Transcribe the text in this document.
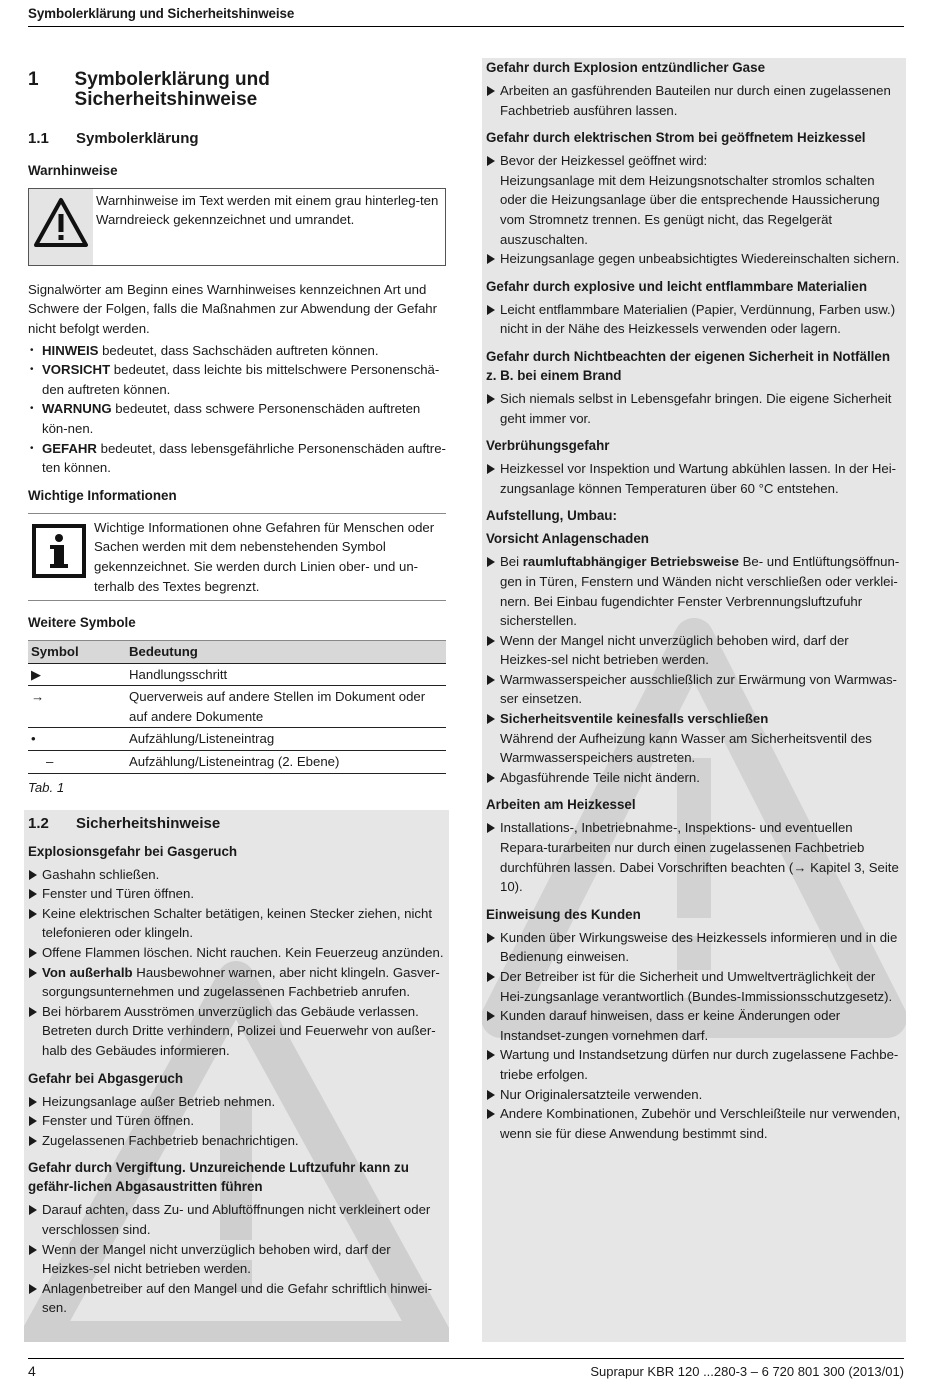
Symbolerklärung und Sicherheitshinweise
1	Symbolerklärung und Sicherheitshinweise
1.1	Symbolerklärung
Warnhinweise
Warnhinweise im Text werden mit einem grau hinterleg-ten Warndreieck gekennzeichnet und umrandet.

Signalwörter am Beginn eines Warnhinweises kennzeichnen Art und Schwere der Folgen, falls die Maßnahmen zur Abwendung der Gefahr nicht befolgt werden.

• HINWEIS bedeutet, dass Sachschäden auftreten können.
• VORSICHT bedeutet, dass leichte bis mittelschwere Personenschä-den auftreten können.
• WARNUNG bedeutet, dass schwere Personenschäden auftreten kön-nen.
• GEFAHR bedeutet, dass lebensgefährliche Personenschäden auftre-ten können.
Wichtige Informationen
Wichtige Informationen ohne Gefahren für Menschen oder Sachen werden mit dem nebenstehenden Symbol gekennzeichnet. Sie werden durch Linien ober- und un-terhalb des Textes begrenzt.
Weitere Symbole
Symbol	Bedeutung
▶	Handlungsschritt
→	Querverweis auf andere Stellen im Dokument oder auf andere Dokumente
•	Aufzählung/Listeneintrag
–	Aufzählung/Listeneintrag (2. Ebene)
Tab. 1
1.2	Sicherheitshinweise
Explosionsgefahr bei Gasgeruch
Gashahn schließen.
Fenster und Türen öffnen.
Keine elektrischen Schalter betätigen, keinen Stecker ziehen, nicht telefonieren oder klingeln.
Offene Flammen löschen. Nicht rauchen. Kein Feuerzeug anzünden.
Von außerhalb Hausbewohner warnen, aber nicht klingeln. Gasver-sorgungsunternehmen und zugelassenen Fachbetrieb anrufen.
Bei hörbarem Ausströmen unverzüglich das Gebäude verlassen. Betreten durch Dritte verhindern, Polizei und Feuerwehr von außer-halb des Gebäudes informieren.
Gefahr bei Abgasgeruch
Heizungsanlage außer Betrieb nehmen.
Fenster und Türen öffnen.
Zugelassenen Fachbetrieb benachrichtigen.
Gefahr durch Vergiftung. Unzureichende Luftzufuhr kann zu gefähr-lichen Abgasaustritten führen
Darauf achten, dass Zu- und Abluftöffnungen nicht verkleinert oder verschlossen sind.
Wenn der Mangel nicht unverzüglich behoben wird, darf der Heizkes-sel nicht betrieben werden.
Anlagenbetreiber auf den Mangel und die Gefahr schriftlich hinwei-sen.
Gefahr durch Explosion entzündlicher Gase
Arbeiten an gasführenden Bauteilen nur durch einen zugelassenen Fachbetrieb ausführen lassen.
Gefahr durch elektrischen Strom bei geöffnetem Heizkessel
Bevor der Heizkessel geöffnet wird:
Heizungsanlage mit dem Heizungsnotschalter stromlos schalten oder die Heizungsanlage über die entsprechende Haussicherung vom Stromnetz trennen. Es genügt nicht, das Regelgerät auszuschalten.
Heizungsanlage gegen unbeabsichtigtes Wiedereinschalten sichern.
Gefahr durch explosive und leicht entflammbare Materialien
Leicht entflammbare Materialien (Papier, Verdünnung, Farben usw.) nicht in der Nähe des Heizkessels verwenden oder lagern.
Gefahr durch Nichtbeachten der eigenen Sicherheit in Notfällen z. B. bei einem Brand
Sich niemals selbst in Lebensgefahr bringen. Die eigene Sicherheit geht immer vor.
Verbrühungsgefahr
Heizkessel vor Inspektion und Wartung abkühlen lassen. In der Hei-zungsanlage können Temperaturen über 60 °C entstehen.
Aufstellung, Umbau:
Vorsicht Anlagenschaden
Bei raumluftabhängiger Betriebsweise Be- und Entlüftungsöffnun-gen in Türen, Fenstern und Wänden nicht verschließen oder verklei-nern. Bei Einbau fugendichter Fenster Verbrennungsluftzufuhr sicherstellen.
Wenn der Mangel nicht unverzüglich behoben wird, darf der Heizkes-sel nicht betrieben werden.
Warmwasserspeicher ausschließlich zur Erwärmung von Warmwas-ser einsetzen.
Sicherheitsventile keinesfalls verschließen
Während der Aufheizung kann Wasser am Sicherheitsventil des Warmwasserspeichers austreten.
Abgasführende Teile nicht ändern.
Arbeiten am Heizkessel
Installations-, Inbetriebnahme-, Inspektions- und eventuellen Repara-turarbeiten nur durch einen zugelassenen Fachbetrieb durchführen lassen. Dabei Vorschriften beachten (→ Kapitel 3, Seite 10).
Einweisung des Kunden
Kunden über Wirkungsweise des Heizkessels informieren und in die Bedienung einweisen.
Der Betreiber ist für die Sicherheit und Umweltverträglichkeit der Hei-zungsanlage verantwortlich (Bundes-Immissionsschutzgesetz).
Kunden darauf hinweisen, dass er keine Änderungen oder Instandset-zungen vornehmen darf.
Wartung und Instandsetzung dürfen nur durch zugelassene Fachbe-triebe erfolgen.
Nur Originalersatzteile verwenden.
Andere Kombinationen, Zubehör und Verschleißteile nur verwenden, wenn sie für diese Anwendung bestimmt sind.
4	Suprapur KBR 120 ...280-3 – 6 720 801 300 (2013/01)
